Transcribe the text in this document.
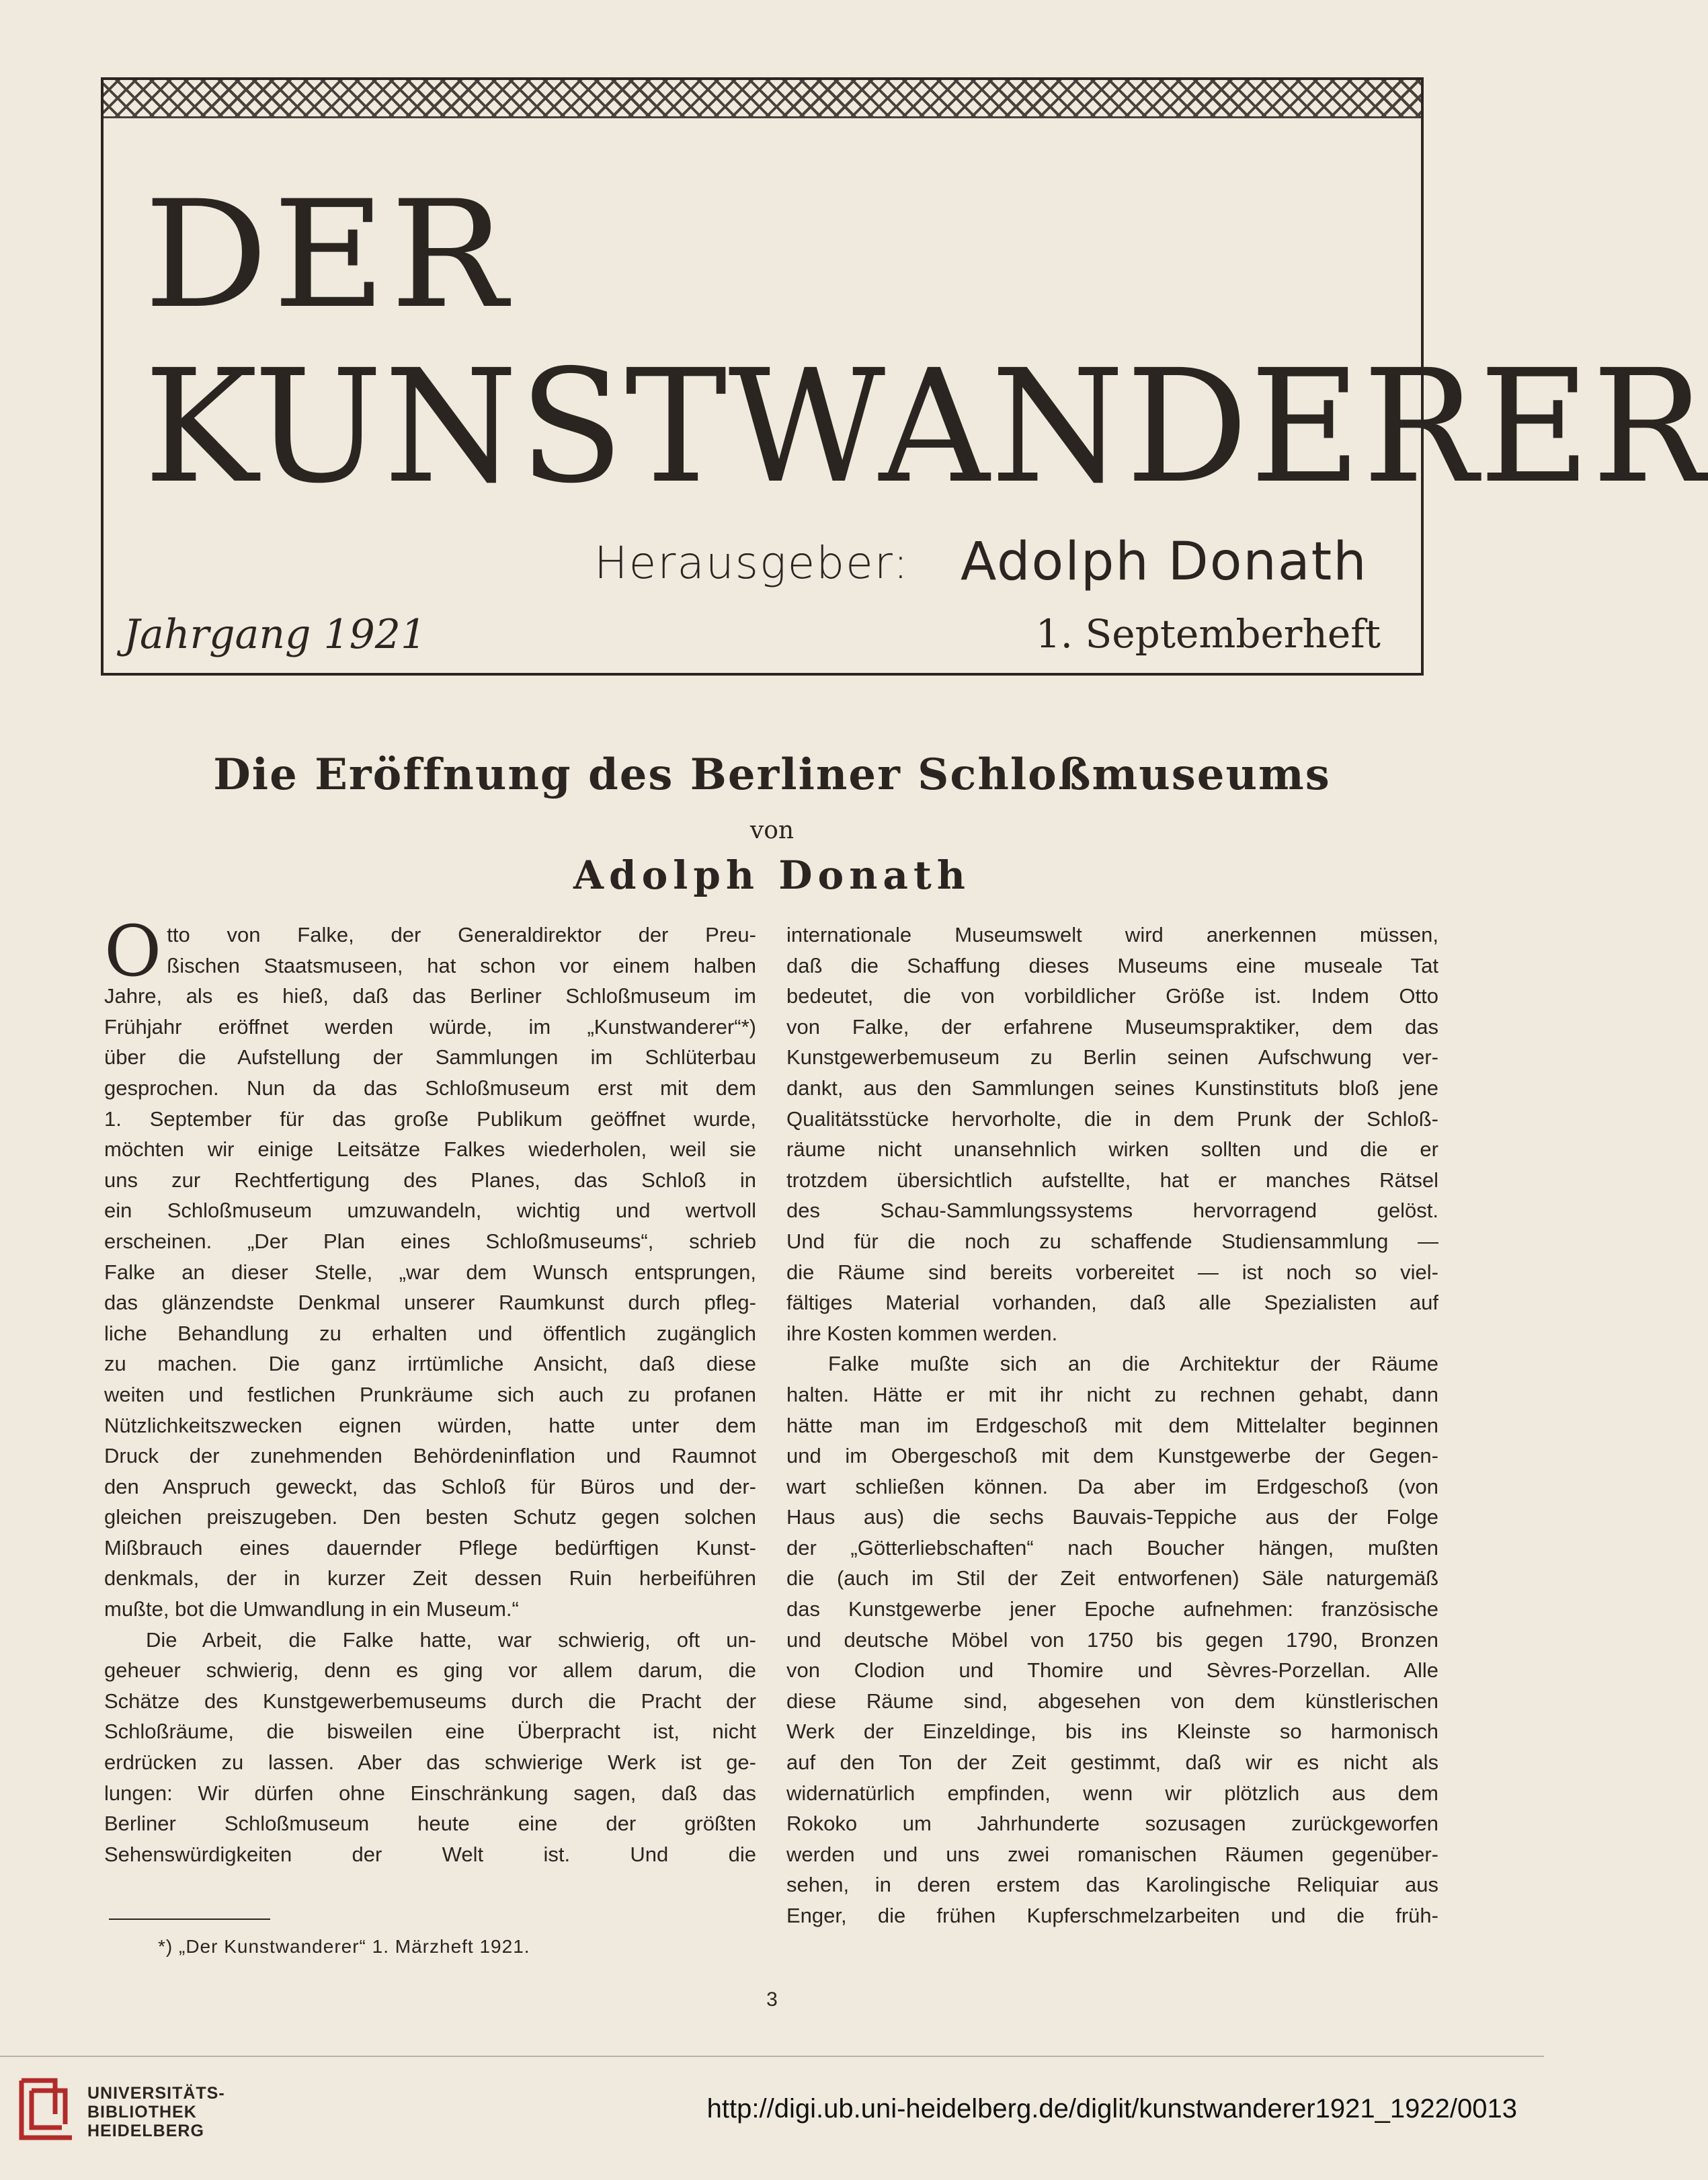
DER
KUNSTWANDERER
Herausgeber: Adolph Donath
Jahrgang 1921	1. Septemberheft
Die Eröffnung des Berliner Schloßmuseums
von
Adolph Donath
O tto von Falke, der Generaldirektor der Preu-
ßischen Staatsmuseen, hat schon vor einem halben
Jahre, als es hieß, daß das Berliner Schloßmuseum im
Frühjahr eröffnet werden würde, im „Kunstwanderer“*)
über die Aufstellung der Sammlungen im Schlüterbau
gesprochen. Nun da das Schloßmuseum erst mit dem
1. September für das große Publikum geöffnet wurde,
möchten wir einige Leitsätze Falkes wiederholen, weil sie
uns zur Rechtfertigung des Planes, das Schloß in
ein Schloßmuseum umzuwandeln, wichtig und wertvoll
erscheinen. „Der Plan eines Schloßmuseums“, schrieb
Falke an dieser Stelle, „war dem Wunsch entsprungen,
das glänzendste Denkmal unserer Raumkunst durch pfleg-
liche Behandlung zu erhalten und öffentlich zugänglich
zu machen. Die ganz irrtümliche Ansicht, daß diese
weiten und festlichen Prunkräume sich auch zu profanen
Nützlichkeitszwecken eignen würden, hatte unter dem
Druck der zunehmenden Behördeninflation und Raumnot
den Anspruch geweckt, das Schloß für Büros und der-
gleichen preiszugeben. Den besten Schutz gegen solchen
Mißbrauch eines dauernder Pflege bedürftigen Kunst-
denkmals, der in kurzer Zeit dessen Ruin herbeiführen
mußte, bot die Umwandlung in ein Museum.“
Die Arbeit, die Falke hatte, war schwierig, oft un-
geheuer schwierig, denn es ging vor allem darum, die
Schätze des Kunstgewerbemuseums durch die Pracht der
Schloßräume, die bisweilen eine Überpracht ist, nicht
erdrücken zu lassen. Aber das schwierige Werk ist ge-
lungen: Wir dürfen ohne Einschränkung sagen, daß das
Berliner Schloßmuseum heute eine der größten
Sehenswürdigkeiten der Welt ist. Und die
internationale Museumswelt wird anerkennen müssen,
daß die Schaffung dieses Museums eine museale Tat
bedeutet, die von vorbildlicher Größe ist. Indem Otto
von Falke, der erfahrene Museumspraktiker, dem das
Kunstgewerbemuseum zu Berlin seinen Aufschwung ver-
dankt, aus den Sammlungen seines Kunstinstituts bloß jene
Qualitätsstücke hervorholte, die in dem Prunk der Schloß-
räume nicht unansehnlich wirken sollten und die er
trotzdem übersichtlich aufstellte, hat er manches Rätsel
des Schau-Sammlungssystems hervorragend gelöst.
Und für die noch zu schaffende Studiensammlung —
die Räume sind bereits vorbereitet — ist noch so viel-
fältiges Material vorhanden, daß alle Spezialisten auf
ihre Kosten kommen werden.
Falke mußte sich an die Architektur der Räume
halten. Hätte er mit ihr nicht zu rechnen gehabt, dann
hätte man im Erdgeschoß mit dem Mittelalter beginnen
und im Obergeschoß mit dem Kunstgewerbe der Gegen-
wart schließen können. Da aber im Erdgeschoß (von
Haus aus) die sechs Bauvais-Teppiche aus der Folge
der „Götterliebschaften“ nach Boucher hängen, mußten
die (auch im Stil der Zeit entworfenen) Säle naturgemäß
das Kunstgewerbe jener Epoche aufnehmen: französische
und deutsche Möbel von 1750 bis gegen 1790, Bronzen
von Clodion und Thomire und Sèvres-Porzellan. Alle
diese Räume sind, abgesehen von dem künstlerischen
Werk der Einzeldinge, bis ins Kleinste so harmonisch
auf den Ton der Zeit gestimmt, daß wir es nicht als
widernatürlich empfinden, wenn wir plötzlich aus dem
Rokoko um Jahrhunderte sozusagen zurückgeworfen
werden und uns zwei romanischen Räumen gegenüber-
sehen, in deren erstem das Karolingische Reliquiar aus
Enger, die frühen Kupferschmelzarbeiten und die früh-
*) „Der Kunstwanderer“ 1. Märzheft 1921.
3
UNIVERSITÄTS-
BIBLIOTHEK
HEIDELBERG
http://digi.ub.uni-heidelberg.de/diglit/kunstwanderer1921_1922/0013
